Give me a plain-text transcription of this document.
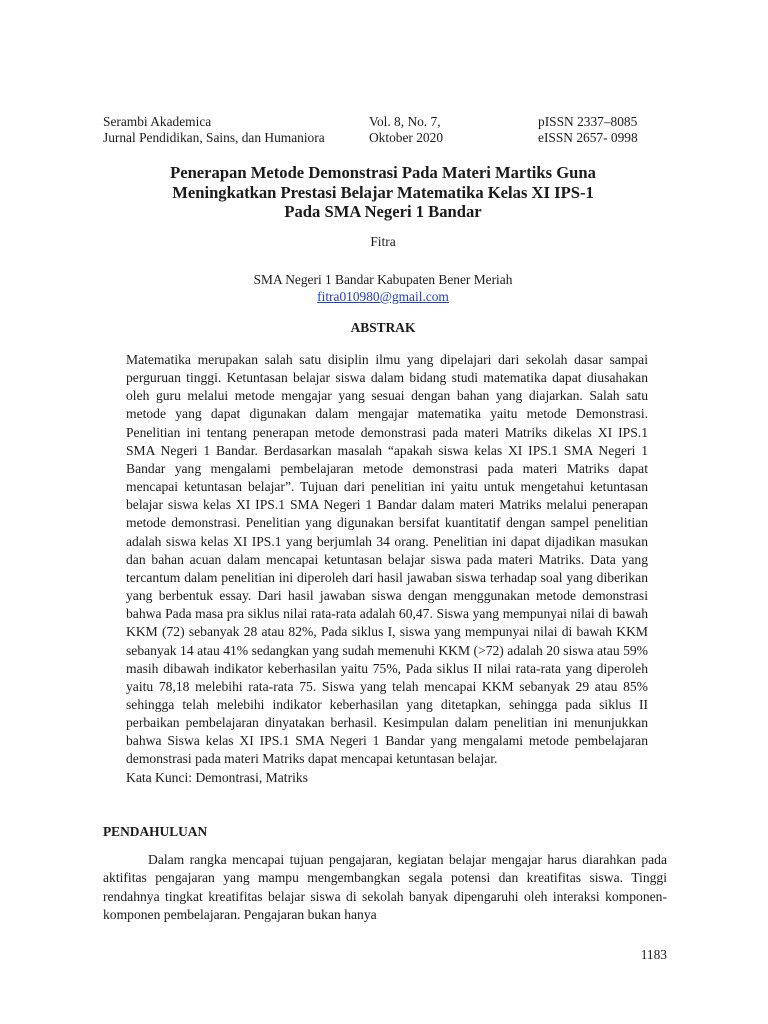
Serambi Akademica
Jurnal Pendidikan, Sains, dan Humaniora
Vol. 8, No. 7,
Oktober 2020
pISSN 2337–8085
eISSN 2657- 0998
Penerapan Metode Demonstrasi Pada Materi Martiks Guna
Meningkatkan Prestasi Belajar Matematika Kelas XI IPS-1
Pada SMA Negeri 1 Bandar
Fitra
SMA Negeri 1 Bandar Kabupaten Bener Meriah
fitra010980@gmail.com
ABSTRAK

Matematika merupakan salah satu disiplin ilmu yang dipelajari dari sekolah dasar sampai perguruan tinggi. Ketuntasan belajar siswa dalam bidang studi matematika dapat diusahakan oleh guru melalui metode mengajar yang sesuai dengan bahan yang diajarkan. Salah satu metode yang dapat digunakan dalam mengajar matematika yaitu metode Demonstrasi. Penelitian ini tentang penerapan metode demonstrasi pada materi Matriks dikelas XI IPS.1 SMA Negeri 1 Bandar. Berdasarkan masalah “apakah siswa kelas XI IPS.1 SMA Negeri 1 Bandar yang mengalami pembelajaran metode demonstrasi pada materi Matriks dapat mencapai ketuntasan belajar”. Tujuan dari penelitian ini yaitu untuk mengetahui ketuntasan belajar siswa kelas XI IPS.1 SMA Negeri 1 Bandar dalam materi Matriks melalui penerapan metode demonstrasi. Penelitian yang digunakan bersifat kuantitatif dengan sampel penelitian adalah siswa kelas XI IPS.1 yang berjumlah 34 orang. Penelitian ini dapat dijadikan masukan dan bahan acuan dalam mencapai ketuntasan belajar siswa pada materi Matriks. Data yang tercantum dalam penelitian ini diperoleh dari hasil jawaban siswa terhadap soal yang diberikan yang berbentuk essay. Dari hasil jawaban siswa dengan menggunakan metode demonstrasi bahwa Pada masa pra siklus nilai rata-rata adalah 60,47. Siswa yang mempunyai nilai di bawah KKM (72) sebanyak 28 atau 82%, Pada siklus I, siswa yang mempunyai nilai di bawah KKM sebanyak 14 atau 41% sedangkan yang sudah memenuhi KKM (>72) adalah 20 siswa atau 59% masih dibawah indikator keberhasilan yaitu 75%, Pada siklus II nilai rata-rata yang diperoleh yaitu 78,18 melebihi rata-rata 75. Siswa yang telah mencapai KKM sebanyak 29 atau 85% sehingga telah melebihi indikator keberhasilan yang ditetapkan, sehingga pada siklus II perbaikan pembelajaran dinyatakan berhasil. Kesimpulan dalam penelitian ini menunjukkan bahwa Siswa kelas XI IPS.1 SMA Negeri 1 Bandar yang mengalami metode pembelajaran demonstrasi pada materi Matriks dapat mencapai ketuntasan belajar.

Kata Kunci: Demontrasi, Matriks

PENDAHULUAN

Dalam rangka mencapai tujuan pengajaran, kegiatan belajar mengajar harus diarahkan pada aktifitas pengajaran yang mampu mengembangkan segala potensi dan kreatifitas siswa. Tinggi rendahnya tingkat kreatifitas belajar siswa di sekolah banyak dipengaruhi oleh interaksi komponen-komponen pembelajaran. Pengajaran bukan hanya

1183
